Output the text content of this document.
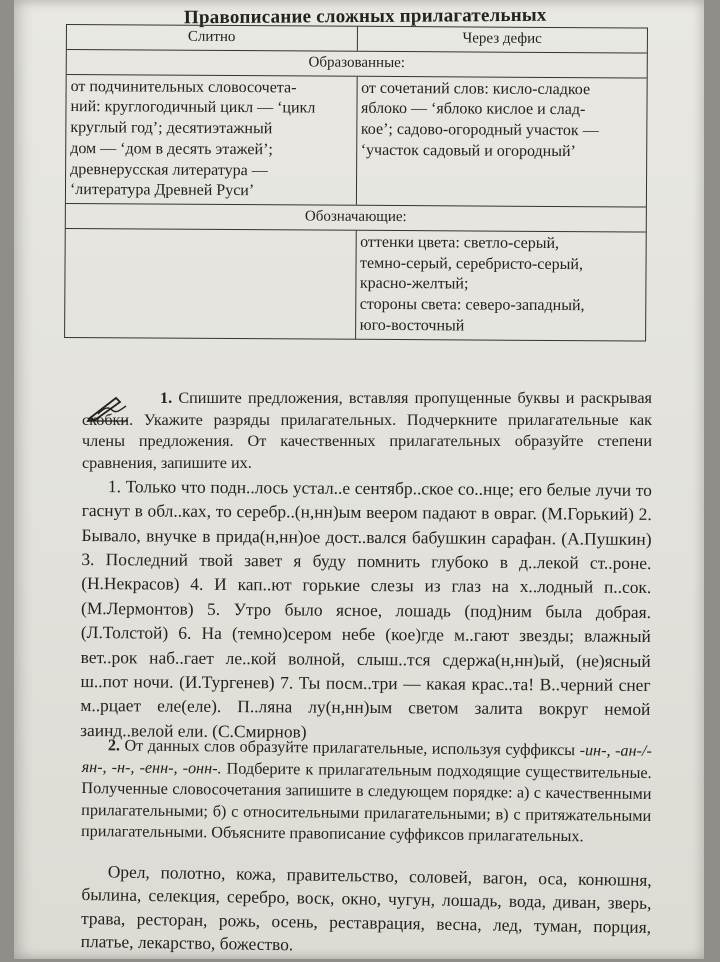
Правописание сложных прилагательных
Слитно	Через дефис
Образованные:
от подчинительных словосочета-
ний: круглогодичный цикл — ‘цикл
круглый год’; десятиэтажный
дом — ‘дом в десять этажей’;
древнерусская литература —
‘литература Древней Руси’
от сочетаний слов: кисло-сладкое
яблоко — ‘яблоко кислое и слад-
кое’; садово-огородный участок —
‘участок садовый и огородный’
Обозначающие:
оттенки цвета: светло-серый,
темно-серый, серебристо-серый,
красно-желтый;
стороны света: северо-западный,
юго-восточный
1. Спишите предложения, вставляя пропущенные буквы и раскрывая скобки. Укажите разряды прилагательных. Подчеркните прилагательные как члены предложения. От качественных прилагательных образуйте степени сравнения, запишите их.
1. Только что подн..лось устал..е сентябр..ское со..нце; его белые лучи то гаснут в обл..ках, то серебр..(н,нн)ым веером падают в овраг. (М.Горький) 2. Бывало, внучке в прида(н,нн)ое дост..вался бабушкин сарафан. (А.Пушкин) 3. Последний твой завет я буду помнить глубоко в д..лекой ст..роне. (Н.Некрасов) 4. И кап..ют горькие слезы из глаз на х..лодный п..сок. (М.Лермонтов) 5. Утро было ясное, лошадь (под)ним была добрая. (Л.Толстой) 6. На (темно)сером небе (кое)где м..гают звезды; влажный вет..рок наб..гает ле..кой волной, слыш..тся сдержа(н,нн)ый, (не)ясный ш..пот ночи. (И.Тургенев) 7. Ты посм..три — какая крас..та! В..черний снег м..рцает еле(еле). П..ляна лу(н,нн)ым светом залита вокруг немой заинд..велой ели. (С.Смирнов)
2. От данных слов образуйте прилагательные, используя суффиксы -ин-, -ан-/-ян-, -н-, -енн-, -онн-. Подберите к прилагательным подходящие существительные. Полученные словосочетания запишите в следующем порядке: а) с качественными прилагательными; б) с относительными прилагательными; в) с притяжательными прилагательными. Объясните правописание суффиксов прилагательных.
Орел, полотно, кожа, правительство, соловей, вагон, оса, конюшня, былина, селекция, серебро, воск, окно, чугун, лошадь, вода, диван, зверь, трава, ресторан, рожь, осень, реставрация, весна, лед, туман, порция, платье, лекарство, божество.
